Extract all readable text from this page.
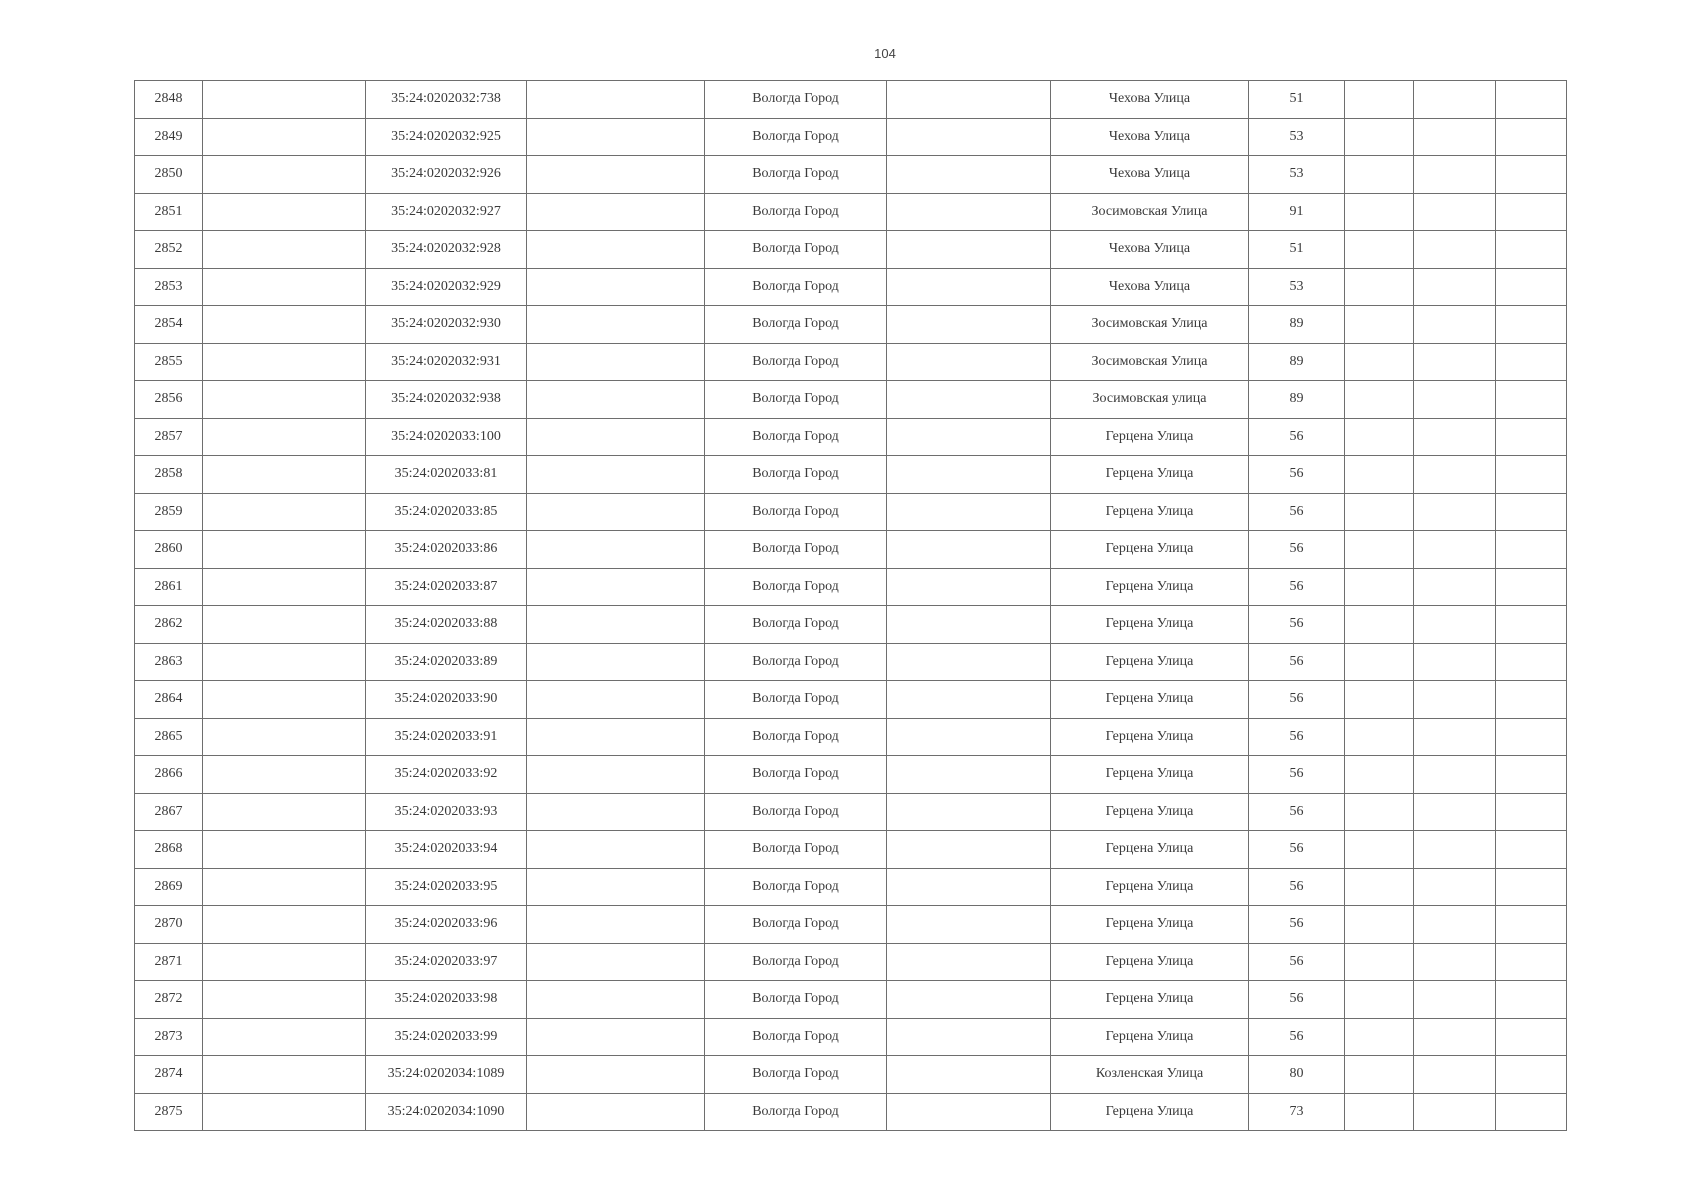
104
2848		35:24:0202032:738		Вологда Город		Чехова Улица	51			
2849		35:24:0202032:925		Вологда Город		Чехова Улица	53			
2850		35:24:0202032:926		Вологда Город		Чехова Улица	53			
2851		35:24:0202032:927		Вологда Город		Зосимовская Улица	91			
2852		35:24:0202032:928		Вологда Город		Чехова Улица	51			
2853		35:24:0202032:929		Вологда Город		Чехова Улица	53			
2854		35:24:0202032:930		Вологда Город		Зосимовская Улица	89			
2855		35:24:0202032:931		Вологда Город		Зосимовская Улица	89			
2856		35:24:0202032:938		Вологда Город		Зосимовская улица	89			
2857		35:24:0202033:100		Вологда Город		Герцена Улица	56			
2858		35:24:0202033:81		Вологда Город		Герцена Улица	56			
2859		35:24:0202033:85		Вологда Город		Герцена Улица	56			
2860		35:24:0202033:86		Вологда Город		Герцена Улица	56			
2861		35:24:0202033:87		Вологда Город		Герцена Улица	56			
2862		35:24:0202033:88		Вологда Город		Герцена Улица	56			
2863		35:24:0202033:89		Вологда Город		Герцена Улица	56			
2864		35:24:0202033:90		Вологда Город		Герцена Улица	56			
2865		35:24:0202033:91		Вологда Город		Герцена Улица	56			
2866		35:24:0202033:92		Вологда Город		Герцена Улица	56			
2867		35:24:0202033:93		Вологда Город		Герцена Улица	56			
2868		35:24:0202033:94		Вологда Город		Герцена Улица	56			
2869		35:24:0202033:95		Вологда Город		Герцена Улица	56			
2870		35:24:0202033:96		Вологда Город		Герцена Улица	56			
2871		35:24:0202033:97		Вологда Город		Герцена Улица	56			
2872		35:24:0202033:98		Вологда Город		Герцена Улица	56			
2873		35:24:0202033:99		Вологда Город		Герцена Улица	56			
2874		35:24:0202034:1089		Вологда Город		Козленская Улица	80			
2875		35:24:0202034:1090		Вологда Город		Герцена Улица	73			
